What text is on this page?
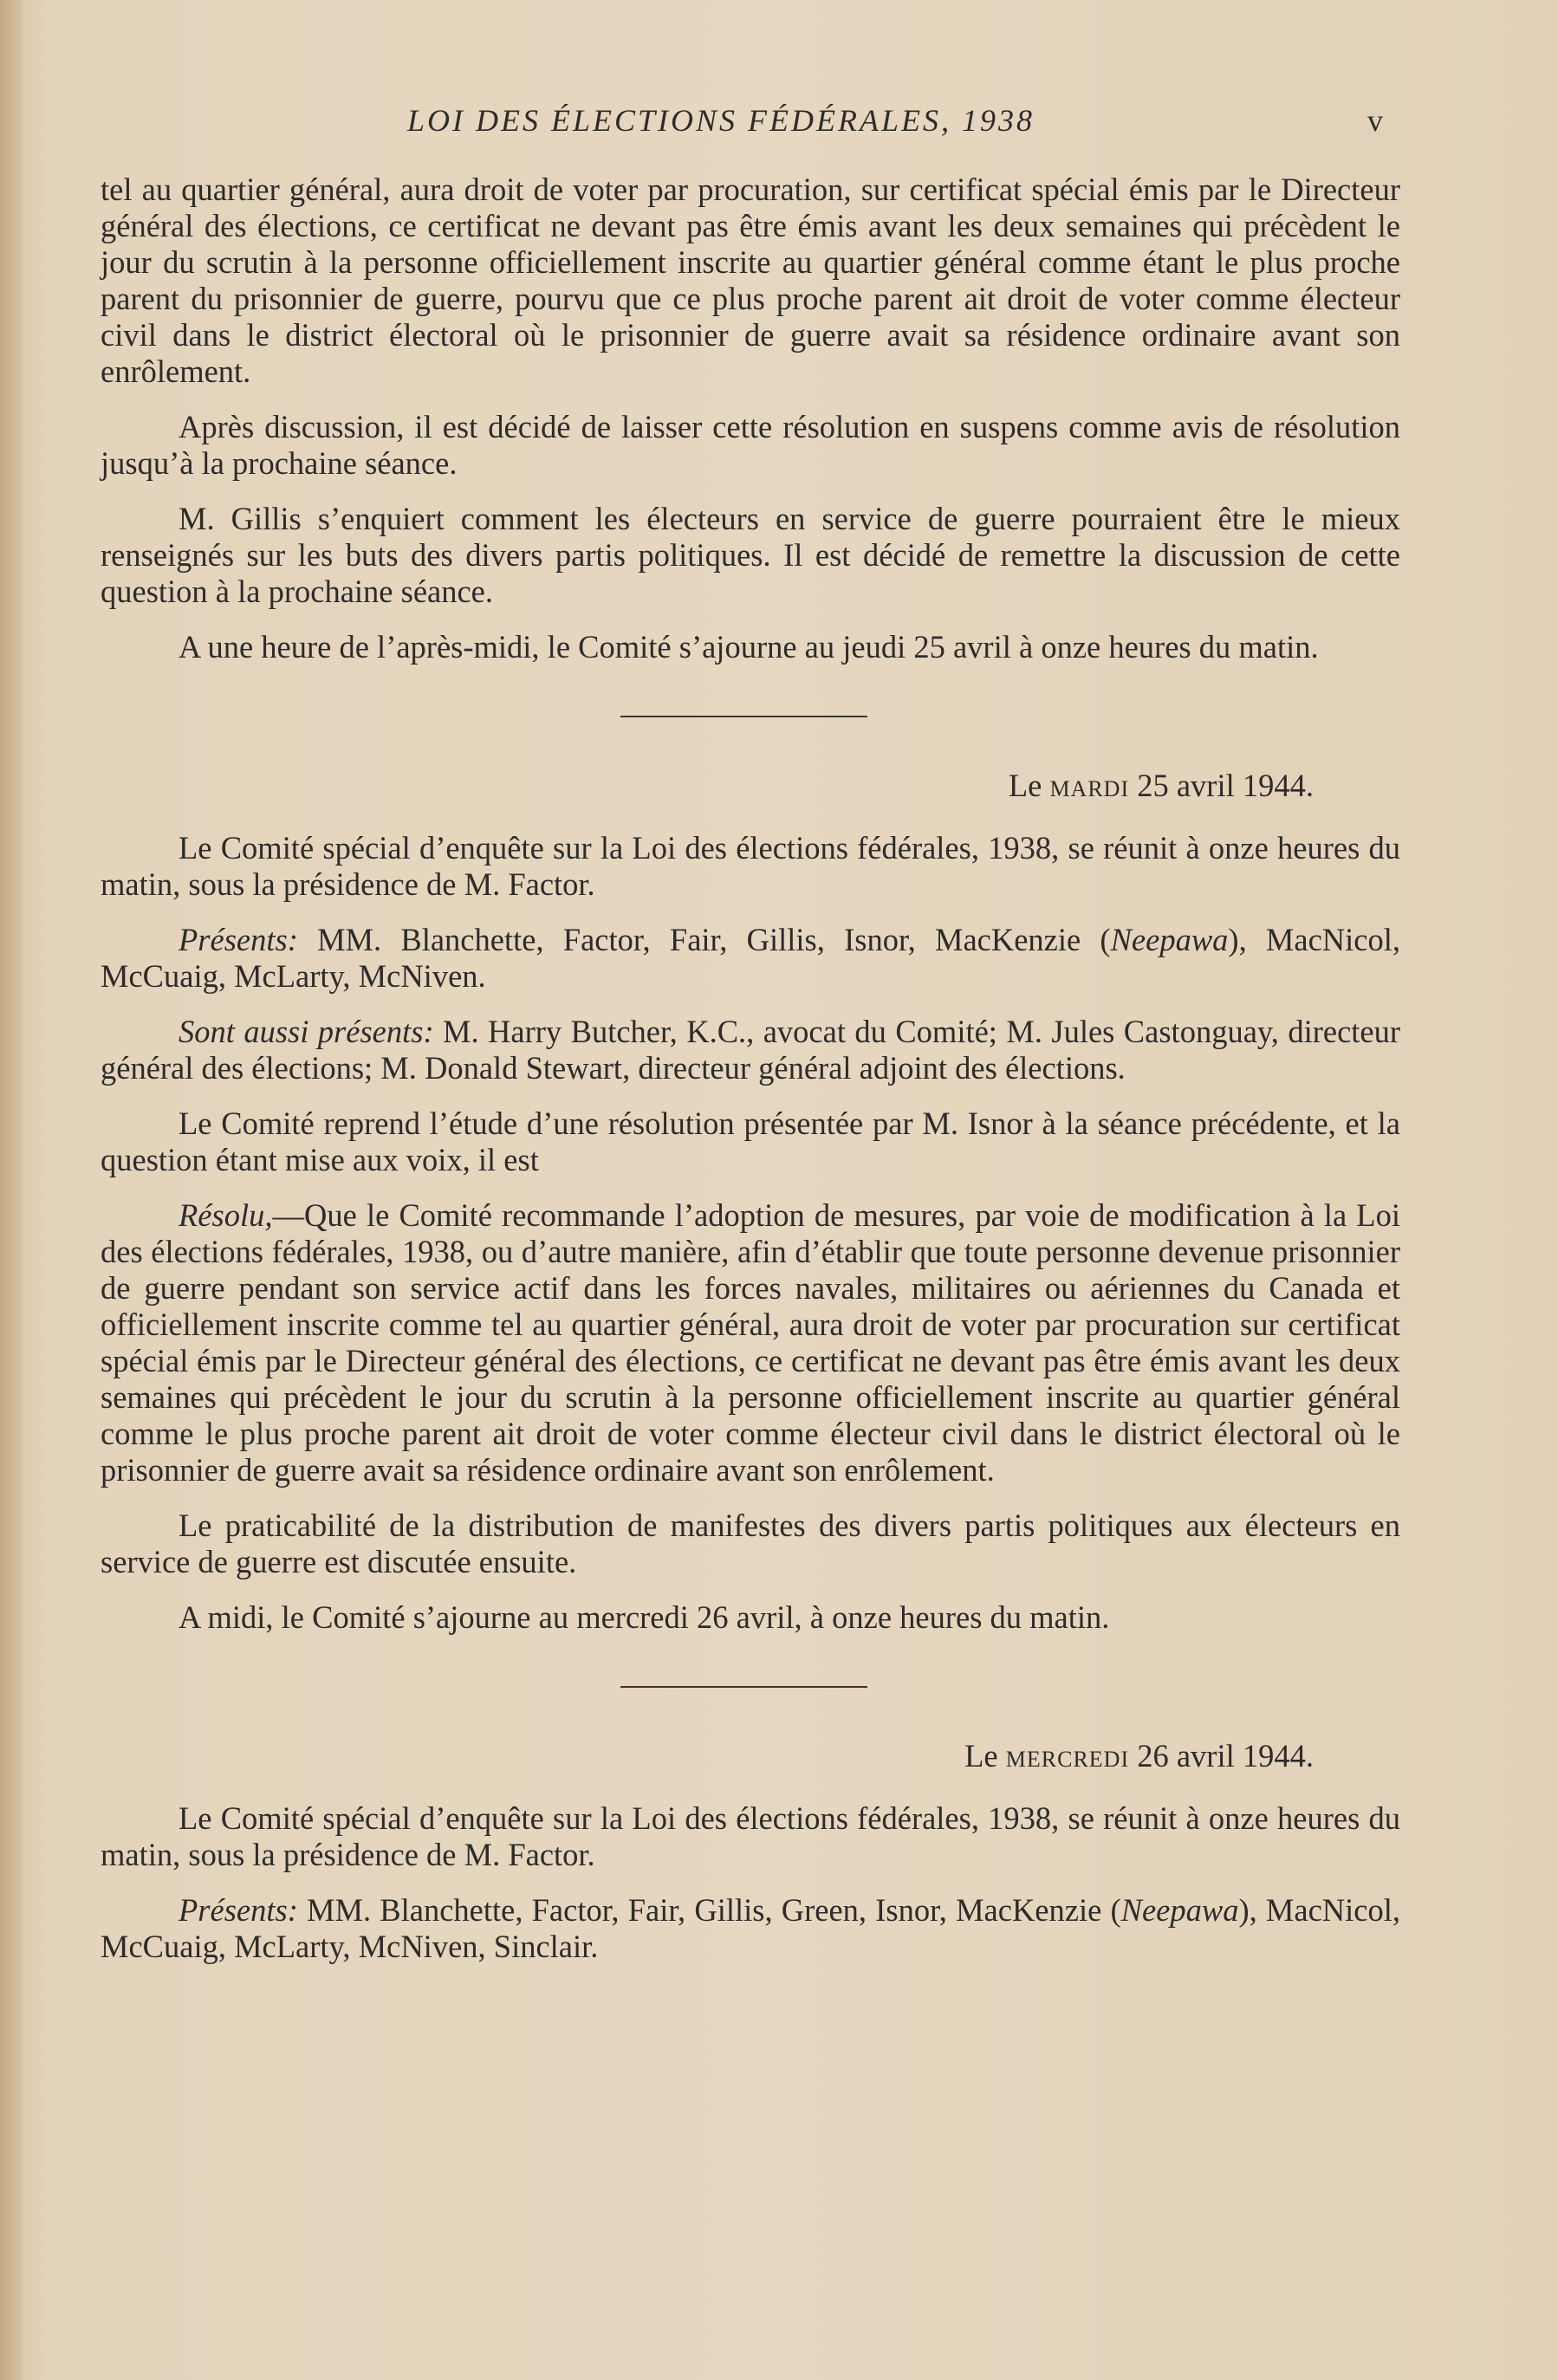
LOI DES ÉLECTIONS FÉDÉRALES, 1938	v

tel au quartier général, aura droit de voter par procuration, sur certificat spécial émis par le Directeur général des élections, ce certificat ne devant pas être émis avant les deux semaines qui précèdent le jour du scrutin à la personne officiellement inscrite au quartier général comme étant le plus proche parent du prisonnier de guerre, pourvu que ce plus proche parent ait droit de voter comme électeur civil dans le district électoral où le prisonnier de guerre avait sa résidence ordinaire avant son enrôlement.

Après discussion, il est décidé de laisser cette résolution en suspens comme avis de résolution jusqu’à la prochaine séance.

M. Gillis s’enquiert comment les électeurs en service de guerre pourraient être le mieux renseignés sur les buts des divers partis politiques. Il est décidé de remettre la discussion de cette question à la prochaine séance.

A une heure de l’après-midi, le Comité s’ajourne au jeudi 25 avril à onze heures du matin.

Le mardi 25 avril 1944.

Le Comité spécial d’enquête sur la Loi des élections fédérales, 1938, se réunit à onze heures du matin, sous la présidence de M. Factor.

Présents: MM. Blanchette, Factor, Fair, Gillis, Isnor, MacKenzie (Neepawa), MacNicol, McCuaig, McLarty, McNiven.

Sont aussi présents: M. Harry Butcher, K.C., avocat du Comité; M. Jules Castonguay, directeur général des élections; M. Donald Stewart, directeur général adjoint des élections.

Le Comité reprend l’étude d’une résolution présentée par M. Isnor à la séance précédente, et la question étant mise aux voix, il est

Résolu,—Que le Comité recommande l’adoption de mesures, par voie de modification à la Loi des élections fédérales, 1938, ou d’autre manière, afin d’établir que toute personne devenue prisonnier de guerre pendant son service actif dans les forces navales, militaires ou aériennes du Canada et officiellement inscrite comme tel au quartier général, aura droit de voter par procuration sur certificat spécial émis par le Directeur général des élections, ce certificat ne devant pas être émis avant les deux semaines qui précèdent le jour du scrutin à la personne officiellement inscrite au quartier général comme le plus proche parent ait droit de voter comme électeur civil dans le district électoral où le prisonnier de guerre avait sa résidence ordinaire avant son enrôlement.

Le praticabilité de la distribution de manifestes des divers partis politiques aux électeurs en service de guerre est discutée ensuite.

A midi, le Comité s’ajourne au mercredi 26 avril, à onze heures du matin.

Le mercredi 26 avril 1944.

Le Comité spécial d’enquête sur la Loi des élections fédérales, 1938, se réunit à onze heures du matin, sous la présidence de M. Factor.

Présents: MM. Blanchette, Factor, Fair, Gillis, Green, Isnor, MacKenzie (Neepawa), MacNicol, McCuaig, McLarty, McNiven, Sinclair.
